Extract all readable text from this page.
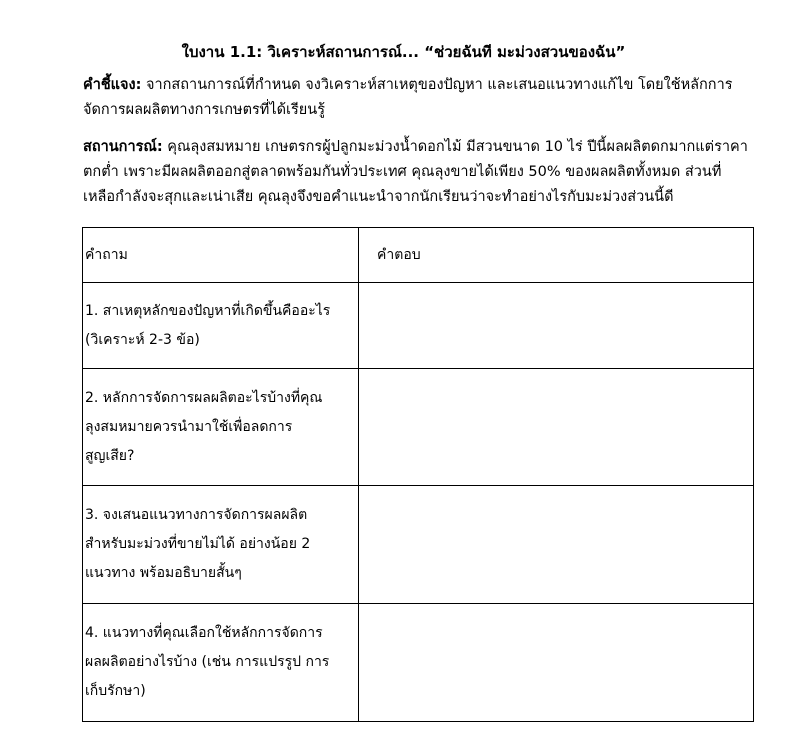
ใบงาน 1.1: วิเคราะห์สถานการณ์... “ช่วยฉันที มะม่วงสวนของฉัน”
คำชี้แจง: จากสถานการณ์ที่กำหนด จงวิเคราะห์สาเหตุของปัญหา และเสนอแนวทางแก้ไข โดยใช้หลักการ
จัดการผลผลิตทางการเกษตรที่ได้เรียนรู้
สถานการณ์: คุณลุงสมหมาย เกษตรกรผู้ปลูกมะม่วงน้ำดอกไม้ มีสวนขนาด 10 ไร่ ปีนี้ผลผลิตดกมากแต่ราคา
ตกต่ำ เพราะมีผลผลิตออกสู่ตลาดพร้อมกันทั่วประเทศ คุณลุงขายได้เพียง 50% ของผลผลิตทั้งหมด ส่วนที่
เหลือกำลังจะสุกและเน่าเสีย คุณลุงจึงขอคำแนะนำจากนักเรียนว่าจะทำอย่างไรกับมะม่วงส่วนนี้ดี
คำถาม	คำตอบ

1. สาเหตุหลักของปัญหาที่เกิดขึ้นคืออะไร
(วิเคราะห์ 2-3 ข้อ)	

2. หลักการจัดการผลผลิตอะไรบ้างที่คุณ
ลุงสมหมายควรนำมาใช้เพื่อลดการ
สูญเสีย?	

3. จงเสนอแนวทางการจัดการผลผลิต
สำหรับมะม่วงที่ขายไม่ได้ อย่างน้อย 2
แนวทาง พร้อมอธิบายสั้นๆ	

4. แนวทางที่คุณเลือกใช้หลักการจัดการ
ผลผลิตอย่างไรบ้าง (เช่น การแปรรูป การ
เก็บรักษา)	
